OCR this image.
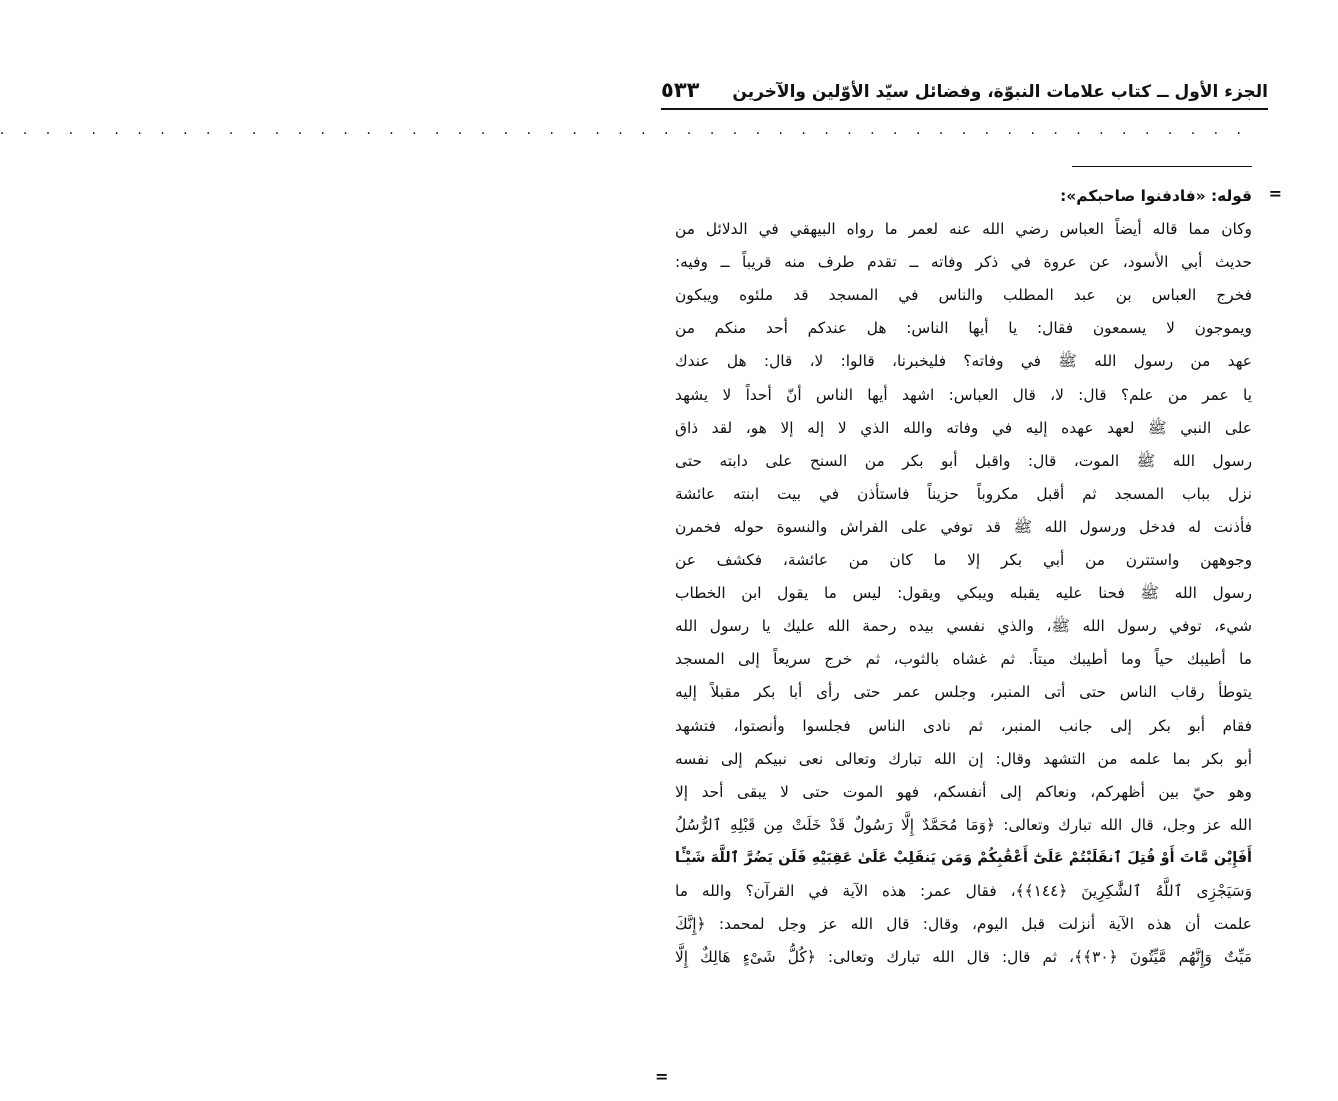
الجزء الأول ــ كتاب علامات النبوّة، وفضائل سيّد الأوّلين والآخرين
٥٣٣
. . . . . . . . . . . . . . . . . . . . . . . . . . . . . . . . . . . . . . . . . . . . . . . . . . . . . . .
=
=
قوله: «فادفنوا صاحبكم»:
وكان مما قاله أيضاً العباس رضي الله عنه لعمر ما رواه البيهقي في الدلائل من
حديث أبي الأسود، عن عروة في ذكر وفاته ــ تقدم طرف منه قريباً ــ وفيه:
فخرج العباس بن عبد المطلب والناس في المسجد قد ملئوه ويبكون
ويموجون لا يسمعون فقال: يا أيها الناس: هل عندكم أحد منكم من
عهد من رسول الله ﷺ في وفاته؟ فليخبرنا، قالوا: لا، قال: هل عندك
يا عمر من علم؟ قال: لا، قال العباس: اشهد أيها الناس أنّ أحداً لا يشهد
على النبي ﷺ لعهد عهده إليه في وفاته والله الذي لا إله إلا هو، لقد ذاق
رسول الله ﷺ الموت، قال: واقبل أبو بكر من السنح على دابته حتى
نزل بباب المسجد ثم أقبل مكروباً حزيناً فاستأذن في بيت ابنته عائشة
فأذنت له فدخل ورسول الله ﷺ قد توفي على الفراش والنسوة حوله فخمرن
وجوههن واستترن من أبي بكر إلا ما كان من عائشة، فكشف عن
رسول الله ﷺ فحنا عليه يقبله ويبكي ويقول: ليس ما يقول ابن الخطاب
شيء، توفي رسول الله ﷺ، والذي نفسي بيده رحمة الله عليك يا رسول الله
ما أطيبك حياً وما أطيبك ميتاً. ثم غشاه بالثوب، ثم خرج سريعاً إلى المسجد
يتوطأ رقاب الناس حتى أتى المنبر، وجلس عمر حتى رأى أبا بكر مقبلاً إليه
فقام أبو بكر إلى جانب المنبر، ثم نادى الناس فجلسوا وأنصتوا، فتشهد
أبو بكر بما علمه من التشهد وقال: إن الله تبارك وتعالى نعى نبيكم إلى نفسه
وهو حيّ بين أظهركم، ونعاكم إلى أنفسكم، فهو الموت حتى لا يبقى أحد إلا
الله عز وجل، قال الله تبارك وتعالى: ﴿وَمَا مُحَمَّدٌ إِلَّا رَسُولٌ قَدْ خَلَتْ مِن قَبْلِهِ ٱلرُّسُلُ
أَفَإِيْن مَّاتَ أَوْ قُتِلَ ٱنقَلَبْتُمْ عَلَىٰٓ أَعْقَٰبِكُمْ وَمَن يَنقَلِبْ عَلَىٰ عَقِبَيْهِ فَلَن يَضُرَّ ٱللَّهَ شَيْـًٔا
وَسَيَجْزِى ٱللَّهُ ٱلشَّٰكِرِينَ ﴿١٤٤﴾﴾، فقال عمر: هذه الآية في القرآن؟ والله ما
علمت أن هذه الآية أنزلت قبل اليوم، وقال: قال الله عز وجل لمحمد: ﴿إِنَّكَ
مَيِّتٌ وَإِنَّهُم مَّيِّتُونَ ﴿٣٠﴾﴾، ثم قال: قال الله تبارك وتعالى: ﴿كُلُّ شَىْءٍ هَالِكٌ إِلَّا
